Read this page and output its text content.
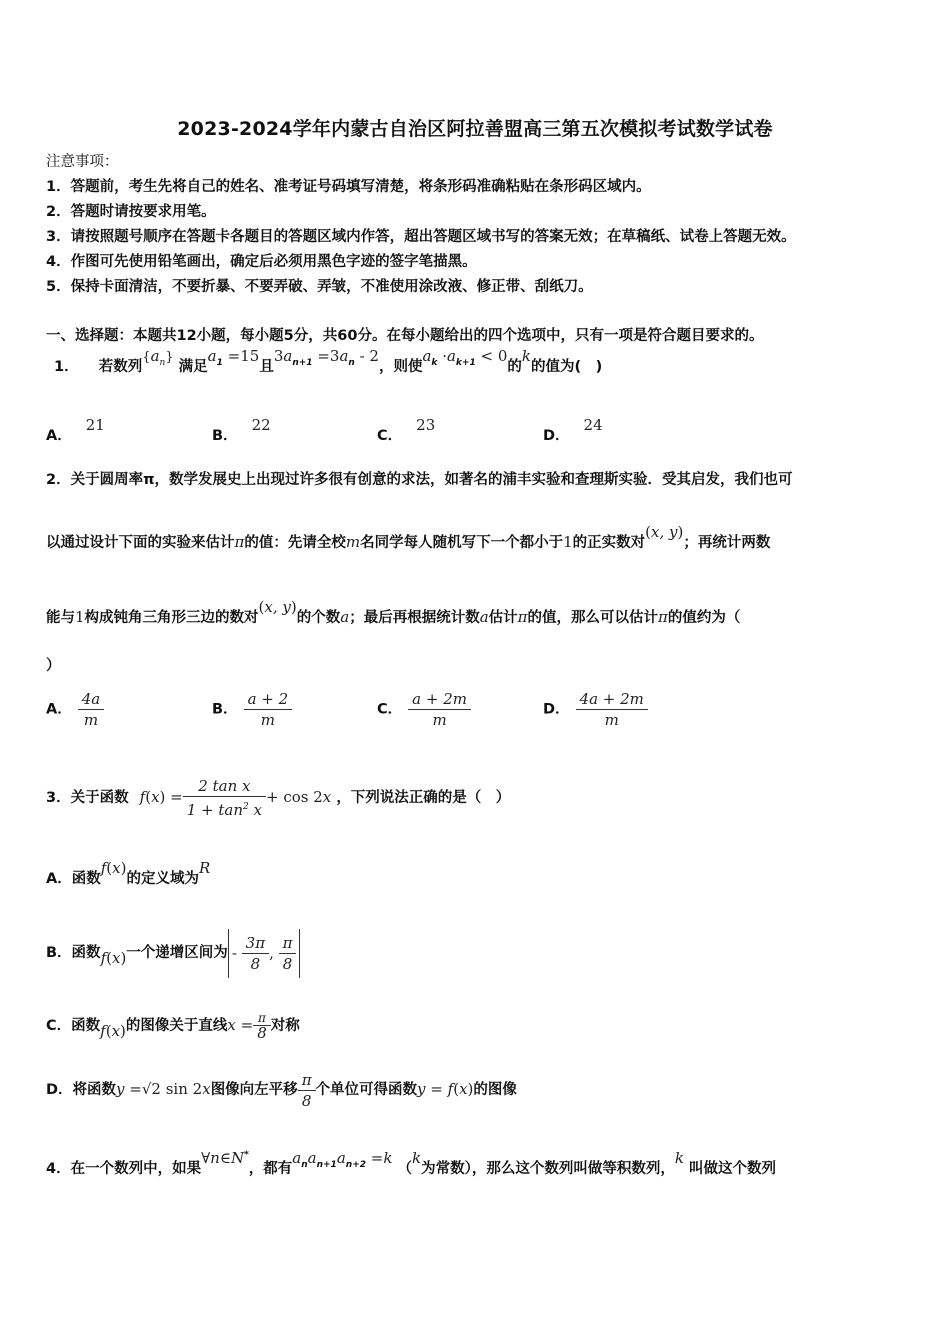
2023-2024学年内蒙古自治区阿拉善盟高三第五次模拟考试数学试卷
注意事项：
1．答题前，考生先将自己的姓名、准考证号码填写清楚，将条形码准确粘贴在条形码区域内。
2．答题时请按要求用笔。
3．请按照题号顺序在答题卡各题目的答题区域内作答，超出答题区域书写的答案无效；在草稿纸、试卷上答题无效。
4．作图可先使用铅笔画出，确定后必须用黑色字迹的签字笔描黑。
5．保持卡面清洁，不要折暴、不要弄破、弄皱，不准使用涂改液、修正带、刮纸刀。
一、选择题：本题共12小题，每小题5分，共60分。在每小题给出的四个选项中，只有一项是符合题目要求的。
1． 若数列$\{a_n\}$ 满足$a_1 =15$且$3a_{n+1} =3a_n - 2$，则使$a_k \cdot a_{k+1} < 0$的k的值为(　)
A．21
B．22
C．23
D．24
2．关于圆周率π，数学发展史上出现过许多很有创意的求法，如著名的浦丰实验和查理斯实验．受其启发，我们也可
以通过设计下面的实验来估计π的值：先请全校m名同学每人随机写下一个都小于1的正实数对(x, y)；再统计两数
能与1构成钝角三角形三边的数对(x, y)的个数a；最后再根据统计数a估计π的值，那么可以估计π的值约为（
）
A． $\frac{4a}{m}$	B． $\frac{a + 2}{m}$	C． $\frac{a + 2m}{m}$	D． $\frac{4a + 2m}{m}$
3．关于函数 $f(x) = \frac{\text{2 tan x}}{1 + \tan^2 x} + \cos 2x$ ，下列说法正确的是（　）
A．函数f(x)的定义域为R
B．函数f(x)一个递增区间为 - $\frac{3\pi}{8}$ , $\frac{\pi}{8}$
C．函数f(x)的图像关于直线$x = \frac{\pi}{8}$ 对称
D．将函数y =√2 sin 2x图像向左平移 $\frac{\pi}{8}$ 个单位可得函数y = f(x)的图像
4．在一个数列中，如果∀n∈N*，都有$a_na_{n+1}a_{n+2} =k$ （k为常数），那么这个数列叫做等积数列，k 叫做这个数列
